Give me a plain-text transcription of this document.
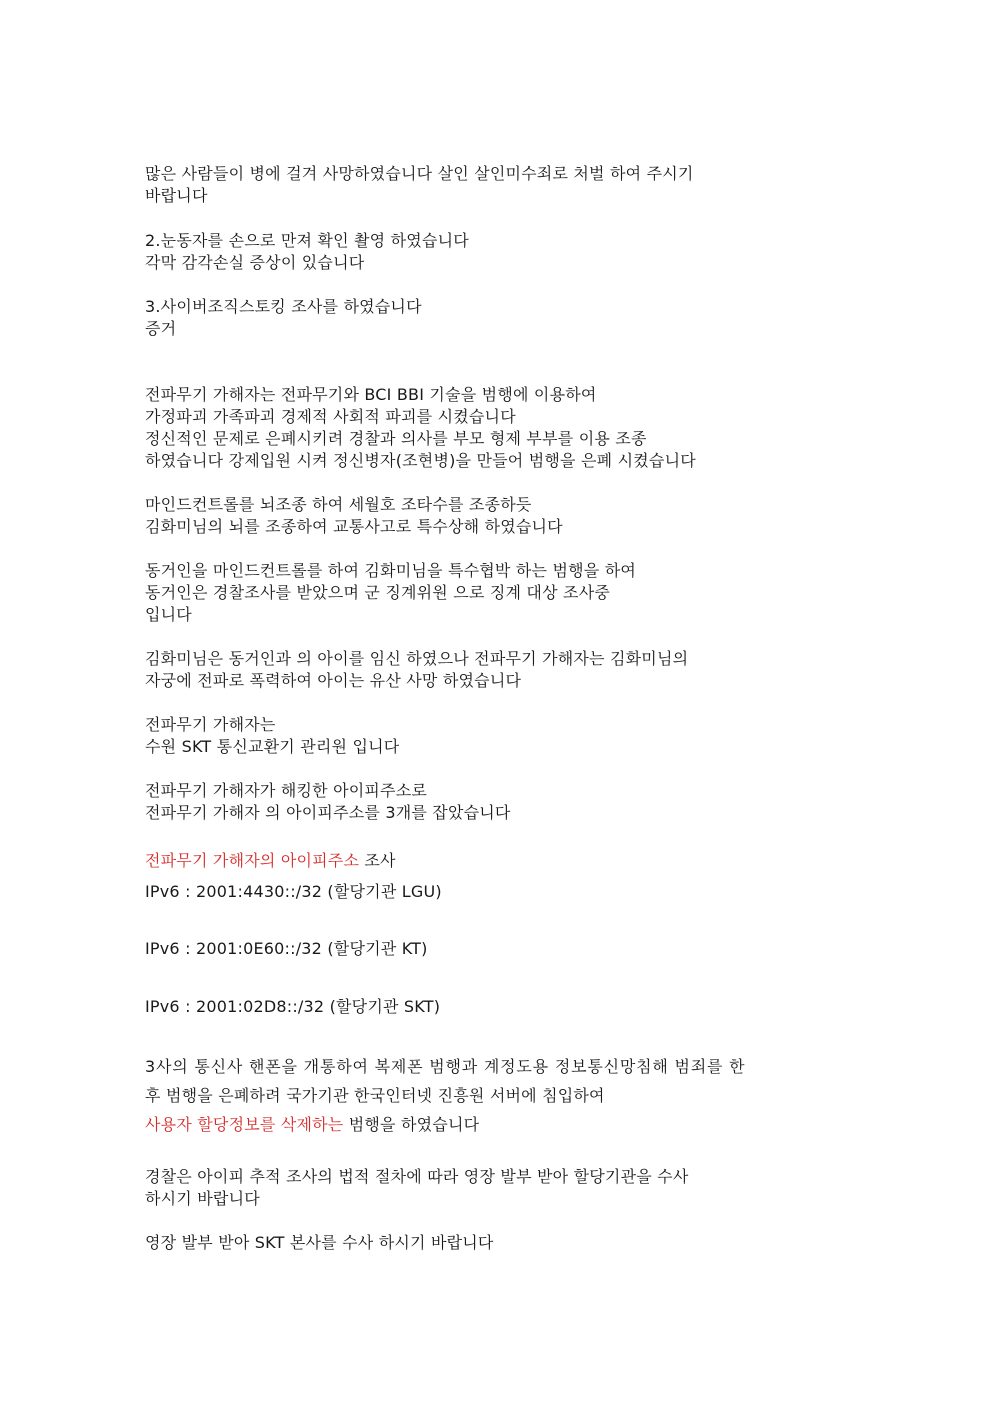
많은 사람들이 병에 걸겨 사망하였습니다 살인 살인미수죄로 처벌 하여 주시기
바랍니다
2.눈동자를 손으로 만져 확인 촬영 하였습니다
각막 감각손실 증상이 있습니다
3.사이버조직스토킹 조사를 하였습니다
증거
전파무기 가해자는 전파무기와 BCI BBI 기술을 범행에 이용하여
가정파괴 가족파괴 경제적 사회적 파괴를 시켰습니다
정신적인 문제로 은폐시키려 경찰과 의사를 부모 형제 부부를 이용 조종
하였습니다 강제입원 시켜 정신병자(조현병)을 만들어 범행을 은폐 시켰습니다
마인드컨트롤를 뇌조종 하여 세월호 조타수를 조종하듯
김화미님의 뇌를 조종하여 교통사고로 특수상해 하였습니다
동거인을 마인드컨트롤를 하여 김화미님을 특수협박 하는 범행을 하여
동거인은 경찰조사를 받았으며 군 징계위원 으로 징계 대상 조사중
입니다
김화미님은 동거인과 의 아이를 임신 하였으나 전파무기 가해자는 김화미님의
자궁에 전파로 폭력하여 아이는 유산 사망 하였습니다
전파무기 가해자는
수원 SKT 통신교환기 관리원 입니다
전파무기 가해자가 해킹한 아이피주소로
전파무기 가해자 의 아이피주소를 3개를 잡았습니다
전파무기 가해자의 아이피주소 조사
IPv6 : 2001:4430::/32 (할당기관 LGU)
IPv6 : 2001:0E60::/32 (할당기관 KT)
IPv6 : 2001:02D8::/32 (할당기관 SKT)
3사의 통신사 핸폰을 개통하여 복제폰 범행과 계정도용 정보통신망침해 범죄를 한
후 범행을 은폐하려 국가기관 한국인터넷 진흥원 서버에 침입하여
사용자 할당정보를 삭제하는 범행을 하였습니다
경찰은 아이피 추적 조사의 법적 절차에 따라 영장 발부 받아 할당기관을 수사
하시기 바랍니다
영장 발부 받아 SKT 본사를 수사 하시기 바랍니다
